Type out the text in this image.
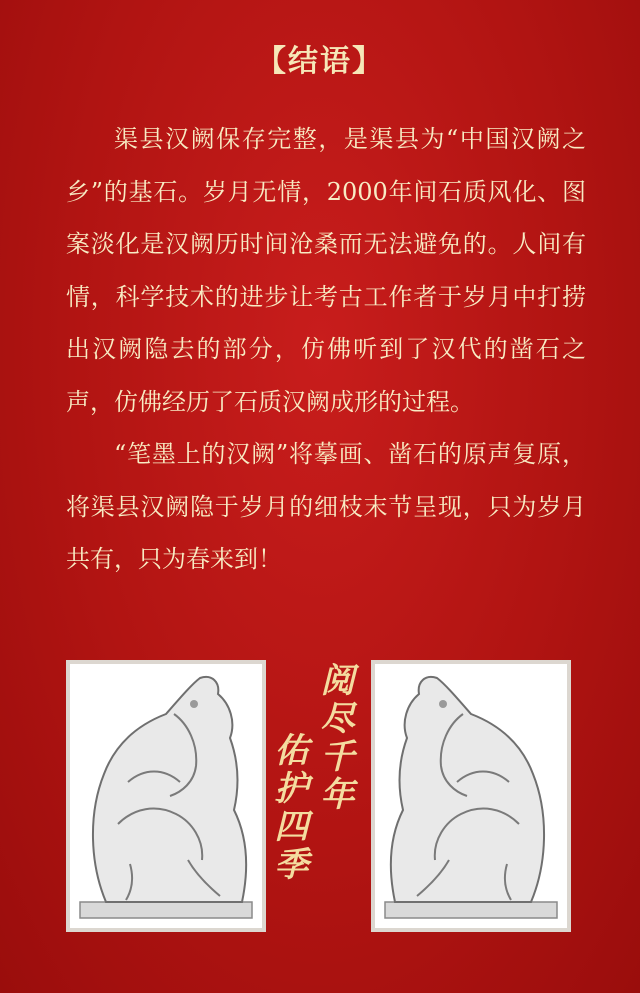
【结语】

渠县汉阙保存完整，是渠县为“中国汉阙之乡”的基石。岁月无情，2000年间石质风化、图案淡化是汉阙历时间沧桑而无法避免的。人间有情，科学技术的进步让考古工作者于岁月中打捞出汉阙隐去的部分，仿佛听到了汉代的凿石之声，仿佛经历了石质汉阙成形的过程。

“笔墨上的汉阙”将摹画、凿石的原声复原，将渠县汉阙隐于岁月的细枝末节呈现，只为岁月共有，只为春来到！

阅尽千年
佑护四季
